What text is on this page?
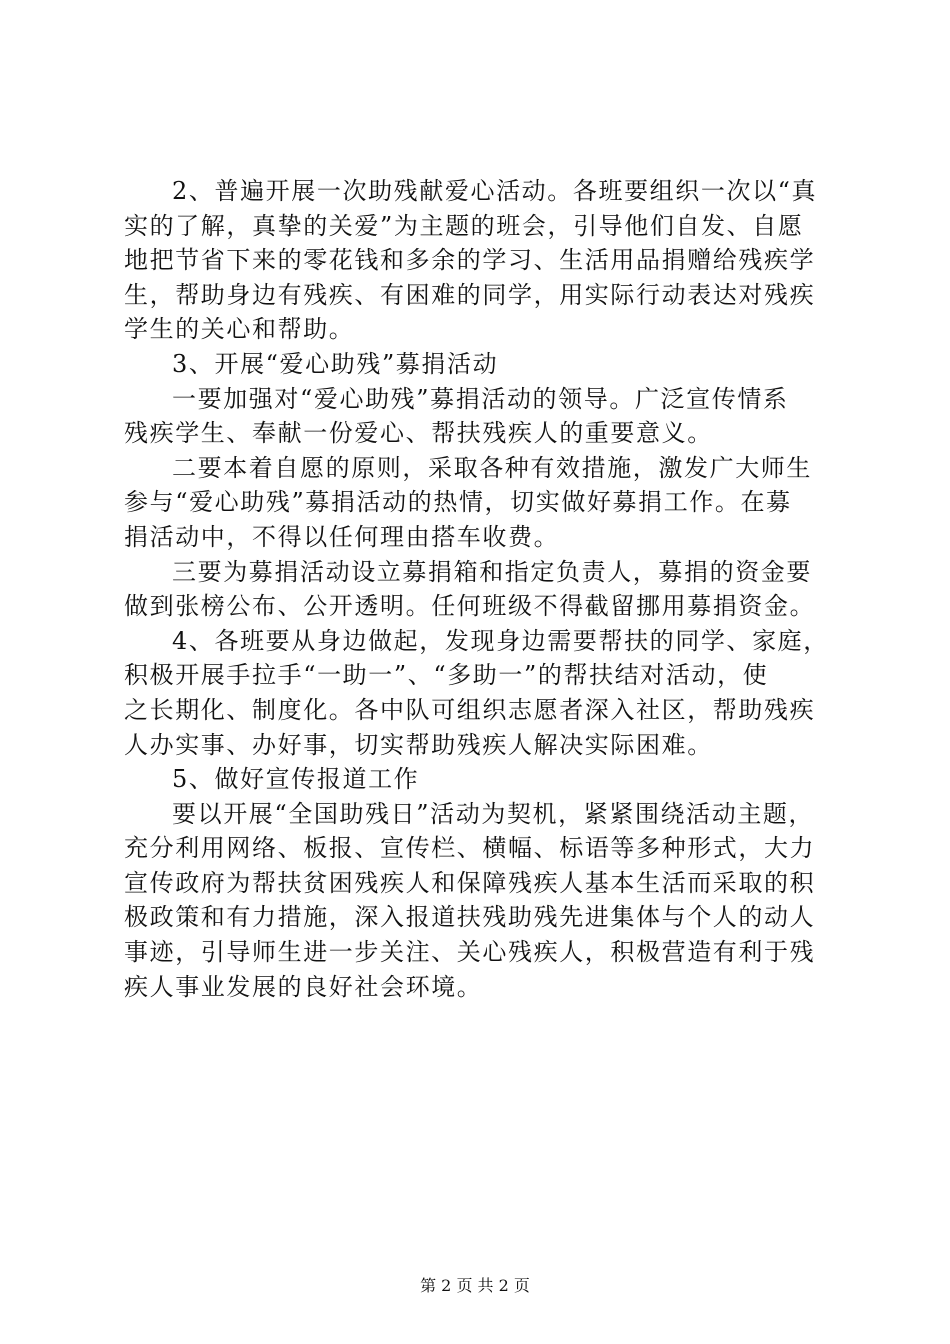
2、普遍开展一次助残献爱心活动。各班要组织一次以“真
实的了解，真挚的关爱”为主题的班会，引导他们自发、自愿
地把节省下来的零花钱和多余的学习、生活用品捐赠给残疾学
生，帮助身边有残疾、有困难的同学，用实际行动表达对残疾
学生的关心和帮助。
3、开展“爱心助残”募捐活动
一要加强对“爱心助残”募捐活动的领导。广泛宣传情系
残疾学生、奉献一份爱心、帮扶残疾人的重要意义。
二要本着自愿的原则，采取各种有效措施，激发广大师生
参与“爱心助残”募捐活动的热情，切实做好募捐工作。在募
捐活动中，不得以任何理由搭车收费。
三要为募捐活动设立募捐箱和指定负责人，募捐的资金要
做到张榜公布、公开透明。任何班级不得截留挪用募捐资金。
4、各班要从身边做起，发现身边需要帮扶的同学、家庭，
积极开展手拉手“一助一”、“多助一”的帮扶结对活动，使
之长期化、制度化。各中队可组织志愿者深入社区，帮助残疾
人办实事、办好事，切实帮助残疾人解决实际困难。
5、做好宣传报道工作
要以开展“全国助残日”活动为契机，紧紧围绕活动主题，
充分利用网络、板报、宣传栏、横幅、标语等多种形式，大力
宣传政府为帮扶贫困残疾人和保障残疾人基本生活而采取的积
极政策和有力措施，深入报道扶残助残先进集体与个人的动人
事迹，引导师生进一步关注、关心残疾人，积极营造有利于残
疾人事业发展的良好社会环境。
第 2 页 共 2 页
